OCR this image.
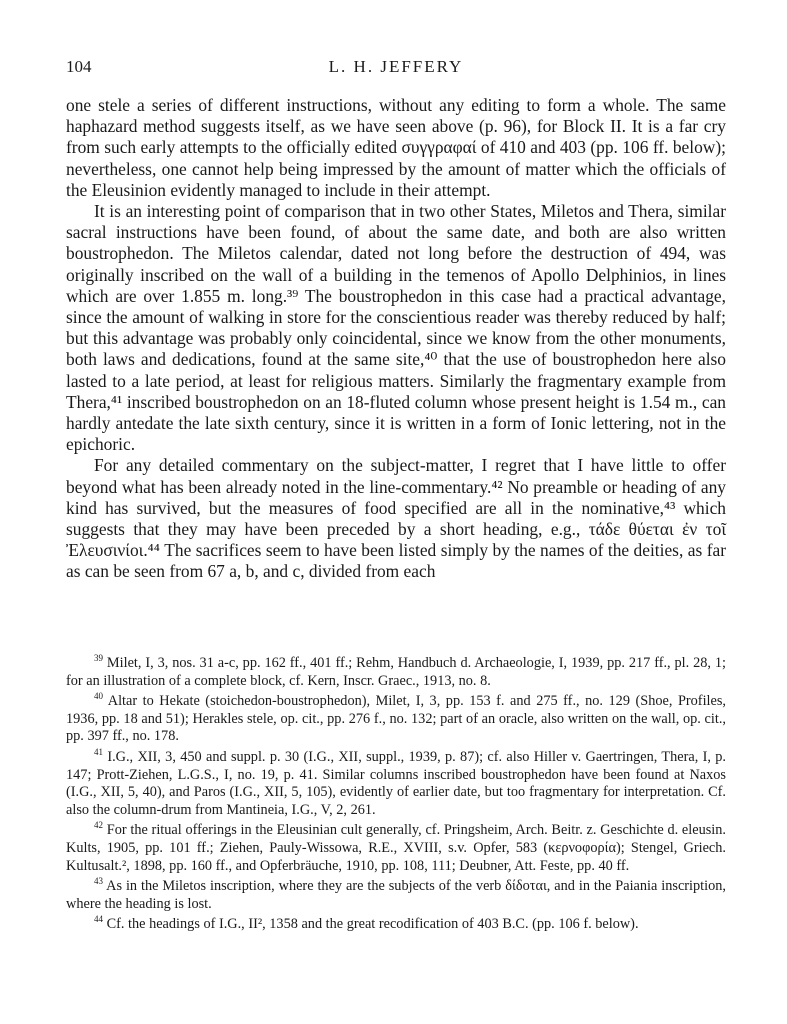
104	L. H. JEFFERY

one stele a series of different instructions, without any editing to form a whole. The same haphazard method suggests itself, as we have seen above (p. 96), for Block II. It is a far cry from such early attempts to the officially edited συγγραφαί of 410 and 403 (pp. 106 ff. below); nevertheless, one cannot help being impressed by the amount of matter which the officials of the Eleusinion evidently managed to include in their attempt.

It is an interesting point of comparison that in two other States, Miletos and Thera, similar sacral instructions have been found, of about the same date, and both are also written boustrophedon. The Miletos calendar, dated not long before the destruction of 494, was originally inscribed on the wall of a building in the temenos of Apollo Delphinios, in lines which are over 1.855 m. long.³⁹ The boustrophedon in this case had a practical advantage, since the amount of walking in store for the conscientious reader was thereby reduced by half; but this advantage was probably only coincidental, since we know from the other monuments, both laws and dedications, found at the same site,⁴⁰ that the use of boustrophedon here also lasted to a late period, at least for religious matters. Similarly the fragmentary example from Thera,⁴¹ inscribed boustrophedon on an 18-fluted column whose present height is 1.54 m., can hardly antedate the late sixth century, since it is written in a form of Ionic lettering, not in the epichoric.

For any detailed commentary on the subject-matter, I regret that I have little to offer beyond what has been already noted in the line-commentary.⁴² No preamble or heading of any kind has survived, but the measures of food specified are all in the nominative,⁴³ which suggests that they may have been preceded by a short heading, e.g., τάδε θύεται ἐν τοῖ Ἐλευσινίοι.⁴⁴ The sacrifices seem to have been listed simply by the names of the deities, as far as can be seen from 67 a, b, and c, divided from each

$^{39}$ Milet, I, 3, nos. 31 a-c, pp. 162 ff., 401 ff.; Rehm, Handbuch d. Archaeologie, I, 1939, pp. 217 ff., pl. 28, 1; for an illustration of a complete block, cf. Kern, Inscr. Graec., 1913, no. 8.

$^{40}$ Altar to Hekate (stoichedon-boustrophedon), Milet, I, 3, pp. 153 f. and 275 ff., no. 129 (Shoe, Profiles, 1936, pp. 18 and 51); Herakles stele, op. cit., pp. 276 f., no. 132; part of an oracle, also written on the wall, op. cit., pp. 397 ff., no. 178.

$^{41}$ I.G., XII, 3, 450 and suppl. p. 30 (I.G., XII, suppl., 1939, p. 87); cf. also Hiller v. Gaertringen, Thera, I, p. 147; Prott-Ziehen, L.G.S., I, no. 19, p. 41. Similar columns inscribed boustrophedon have been found at Naxos (I.G., XII, 5, 40), and Paros (I.G., XII, 5, 105), evidently of earlier date, but too fragmentary for interpretation. Cf. also the column-drum from Mantineia, I.G., V, 2, 261.

$^{42}$ For the ritual offerings in the Eleusinian cult generally, cf. Pringsheim, Arch. Beitr. z. Geschichte d. eleusin. Kults, 1905, pp. 101 ff.; Ziehen, Pauly-Wissowa, R.E., XVIII, s.v. Opfer, 583 (κερνοφορία); Stengel, Griech. Kultusalt.², 1898, pp. 160 ff., and Opferbräuche, 1910, pp. 108, 111; Deubner, Att. Feste, pp. 40 ff.

$^{43}$ As in the Miletos inscription, where they are the subjects of the verb δίδοται, and in the Paiania inscription, where the heading is lost.

$^{44}$ Cf. the headings of I.G., II², 1358 and the great recodification of 403 B.C. (pp. 106 f. below).
